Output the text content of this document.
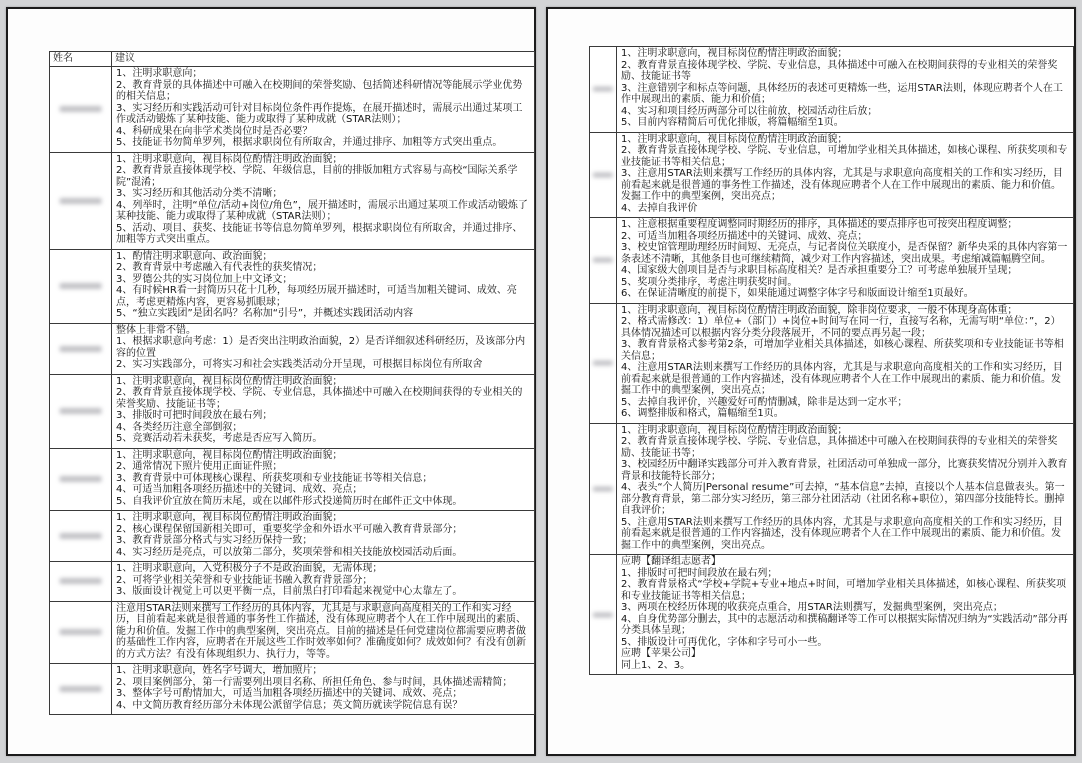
姓名	建议

	1、注明求职意向；
2、教育背景的具体描述中可融入在校期间的荣誉奖励、包括简述科研情况等能展示学业优势的相关信息；
3、实习经历和实践活动可针对目标岗位条件再作提炼，在展开描述时，需展示出通过某项工作或活动锻炼了某种技能、能力或取得了某种成就（STAR法则）；
4、科研成果在向非学术类岗位时是否必要？
5、技能证书勿简单罗列，根据求职岗位有所取舍，并通过排序、加粗等方式突出重点。

	1、注明求职意向，视目标岗位酌情注明政治面貌；
2、教育背景直接体现学校、学院、年级信息，目前的排版加粗方式容易与高校“国际关系学院”混淆；
3、实习经历和其他活动分类不清晰；
4、列举时，注明“单位/活动+岗位/角色”，展开描述时，需展示出通过某项工作或活动锻炼了某种技能、能力或取得了某种成就（STAR法则）；
5、活动、项目、获奖、技能证书等信息勿简单罗列，根据求职岗位有所取舍，并通过排序、加粗等方式突出重点。

	1、酌情注明求职意向、政治面貌；
2、教育背景中考虑融入有代表性的获奖情况；
3、罗德公共的实习岗位加上中文译文；
4、有时候HR看一封简历只花十几秒，每项经历展开描述时，可适当加粗关键词、成效、亮点，考虑更精炼内容，更容易抓眼球；
5、“独立实践团”是团名吗？名称加“引号”，并概述实践团活动内容

	整体上非常不错。
1、根据求职意向考虑：1）是否突出注明政治面貌，2）是否详细叙述科研经历，及该部分内容的位置
2、实习实践部分，可将实习和社会实践类活动分开呈现，可根据目标岗位有所取舍

	1、注明求职意向，视目标岗位酌情注明政治面貌；
2、教育背景直接体现学校、学院、专业信息，具体描述中可融入在校期间获得的专业相关的荣誉奖励、技能证书等；
3、排版时可把时间段放在最右列；
4、各类经历注意全部倒叙；
5、竞赛活动若未获奖，考虑是否应写入简历。

	1、注明求职意向，视目标岗位酌情注明政治面貌；
2、通常情况下照片使用正面证件照；
3、教育背景中可体现核心课程、所获奖项和专业技能证书等相关信息；
4、可适当加粗各项经历描述中的关键词、成效、亮点；
5、自我评价宜放在简历末尾，或在以邮件形式投递简历时在邮件正文中体现。

	1、注明求职意向，视目标岗位酌情注明政治面貌；
2、核心课程保留国新相关即可，重要奖学金和外语水平可融入教育背景部分；
3、教育背景部分格式与实习经历保持一致；
4、实习经历是亮点，可以放第二部分，奖项荣誉和相关技能放校园活动后面。

	1、注明求职意向，入党积极分子不是政治面貌，无需体现；
2、可将学业相关荣誉和专业技能证书融入教育背景部分；
3、版面设计视觉上可以更平衡一点，目前黑白打印看起来视觉中心太靠左了。

	注意用STAR法则来撰写工作经历的具体内容，尤其是与求职意向高度相关的工作和实习经历，目前看起来就是很普通的事务性工作描述，没有体现应聘者个人在工作中展现出的素质、能力和价值。发掘工作中的典型案例，突出亮点。目前的描述是任何党建岗位都需要应聘者做的基础性工作内容，应聘者在开展这些工作时效率如何？准确度如何？成效如何？有没有创新的方式方法？有没有体现组织力、执行力，等等。

	1、注明求职意向，姓名字号调大，增加照片；
2、项目案例部分，第一行需要列出项目名称、所担任角色、参与时间，具体描述需精简；
3、整体字号可酌情加大，可适当加粗各项经历描述中的关键词、成效、亮点；
4、中文简历教育经历部分未体现公派留学信息；英文简历就读学院信息有误？

	1、注明求职意向，视目标岗位酌情注明政治面貌；
2、教育背景直接体现学校、学院、专业信息，具体描述中可融入在校期间获得的专业相关的荣誉奖励、技能证书等
3、注意错别字和标点等问题，具体经历的表述可更精炼一些，运用STAR法则，体现应聘者个人在工作中展现出的素质、能力和价值；
4、实习和项目经历两部分可以往前放，校园活动往后放；
5、目前内容精简后可优化排版，将篇幅缩至1页。

	1、注明求职意向，视目标岗位酌情注明政治面貌；
2、教育背景直接体现学校、学院、专业信息，可增加学业相关具体描述，如核心课程、所获奖项和专业技能证书等相关信息；
3、注意用STAR法则来撰写工作经历的具体内容，尤其是与求职意向高度相关的工作和实习经历，目前看起来就是很普通的事务性工作描述，没有体现应聘者个人在工作中展现出的素质、能力和价值。发掘工作中的典型案例，突出亮点；
4、去掉自我评价

1、注意根据重要程度调整同时期经历的排序，具体描述的要点排序也可按突出程度调整；
2、可适当加粗各项经历描述中的关键词、成效、亮点；
3、校史馆管理助理经历时间短、无亮点，与记者岗位关联度小，是否保留？新华央采的具体内容第一条表述不清晰，其他条目也可继续精简，减少对工作内容描述，突出成果。考虑缩减篇幅腾空间。
4、国家级大创项目是否与求职目标高度相关？是否承担重要分工？可考虑单独展开呈现；
5、奖项分类排序，考虑注明获奖时间。
6、在保证清晰度的前提下，如果能通过调整字体字号和版面设计缩至1页最好。

1、注明求职意向，视目标岗位酌情注明政治面貌，除非岗位要求，一般不体现身高体重；
2、格式需修改：1）单位+（部门）+岗位+时间写在同一行，直接写名称，无需写明“单位：”，2）具体情况描述可以根据内容分类分段落展开，不同的要点再另起一段；
3、教育背景格式参考第2条，可增加学业相关具体描述，如核心课程、所获奖项和专业技能证书等相关信息；
4、注意用STAR法则来撰写工作经历的具体内容，尤其是与求职意向高度相关的工作和实习经历，目前看起来就是很普通的工作内容描述，没有体现应聘者个人在工作中展现出的素质、能力和价值。发掘工作中的典型案例，突出亮点；
5、去掉自我评价，兴趣爱好可酌情删减，除非是达到一定水平；
6、调整排版和格式，篇幅缩至1页。

	1、注明求职意向，视目标岗位酌情注明政治面貌；
2、教育背景直接体现学校、学院、专业信息，具体描述中可融入在校期间获得的专业相关的荣誉奖励、技能证书等；
3、校园经历中翻译实践部分可并入教育背景，社团活动可单独成一部分，比赛获奖情况分别并入教育背景和技能特长部分；
4、表头“个人简历|Personal resume”可去掉，“基本信息”去掉，直接以个人基本信息做表头。第一部分教育背景，第二部分实习经历，第三部分社团活动（社团名称+职位），第四部分技能特长。删掉自我评价；
5、注意用STAR法则来撰写工作经历的具体内容，尤其是与求职意向高度相关的工作和实习经历，目前看起来就是很普通的工作内容描述，没有体现应聘者个人在工作中展现出的素质、能力和价值。发掘工作中的典型案例，突出亮点。

应聘【翻译组志愿者】
1、排版时可把时间段放在最右列；
2、教育背景格式“学校+学院+专业+地点+时间，可增加学业相关具体描述，如核心课程、所获奖项和专业技能证书等相关信息；
3、两项在校经历体现的收获亮点重合，用STAR法则撰写，发掘典型案例，突出亮点；
4、自身优势部分删去，其中的志愿活动和撰稿翻译等工作可以根据实际情况归纳为“实践活动”部分再分类具体呈现；
5、排版设计可再优化，字体和字号可小一些。
应聘【苹果公司】
同上1、2、3。
